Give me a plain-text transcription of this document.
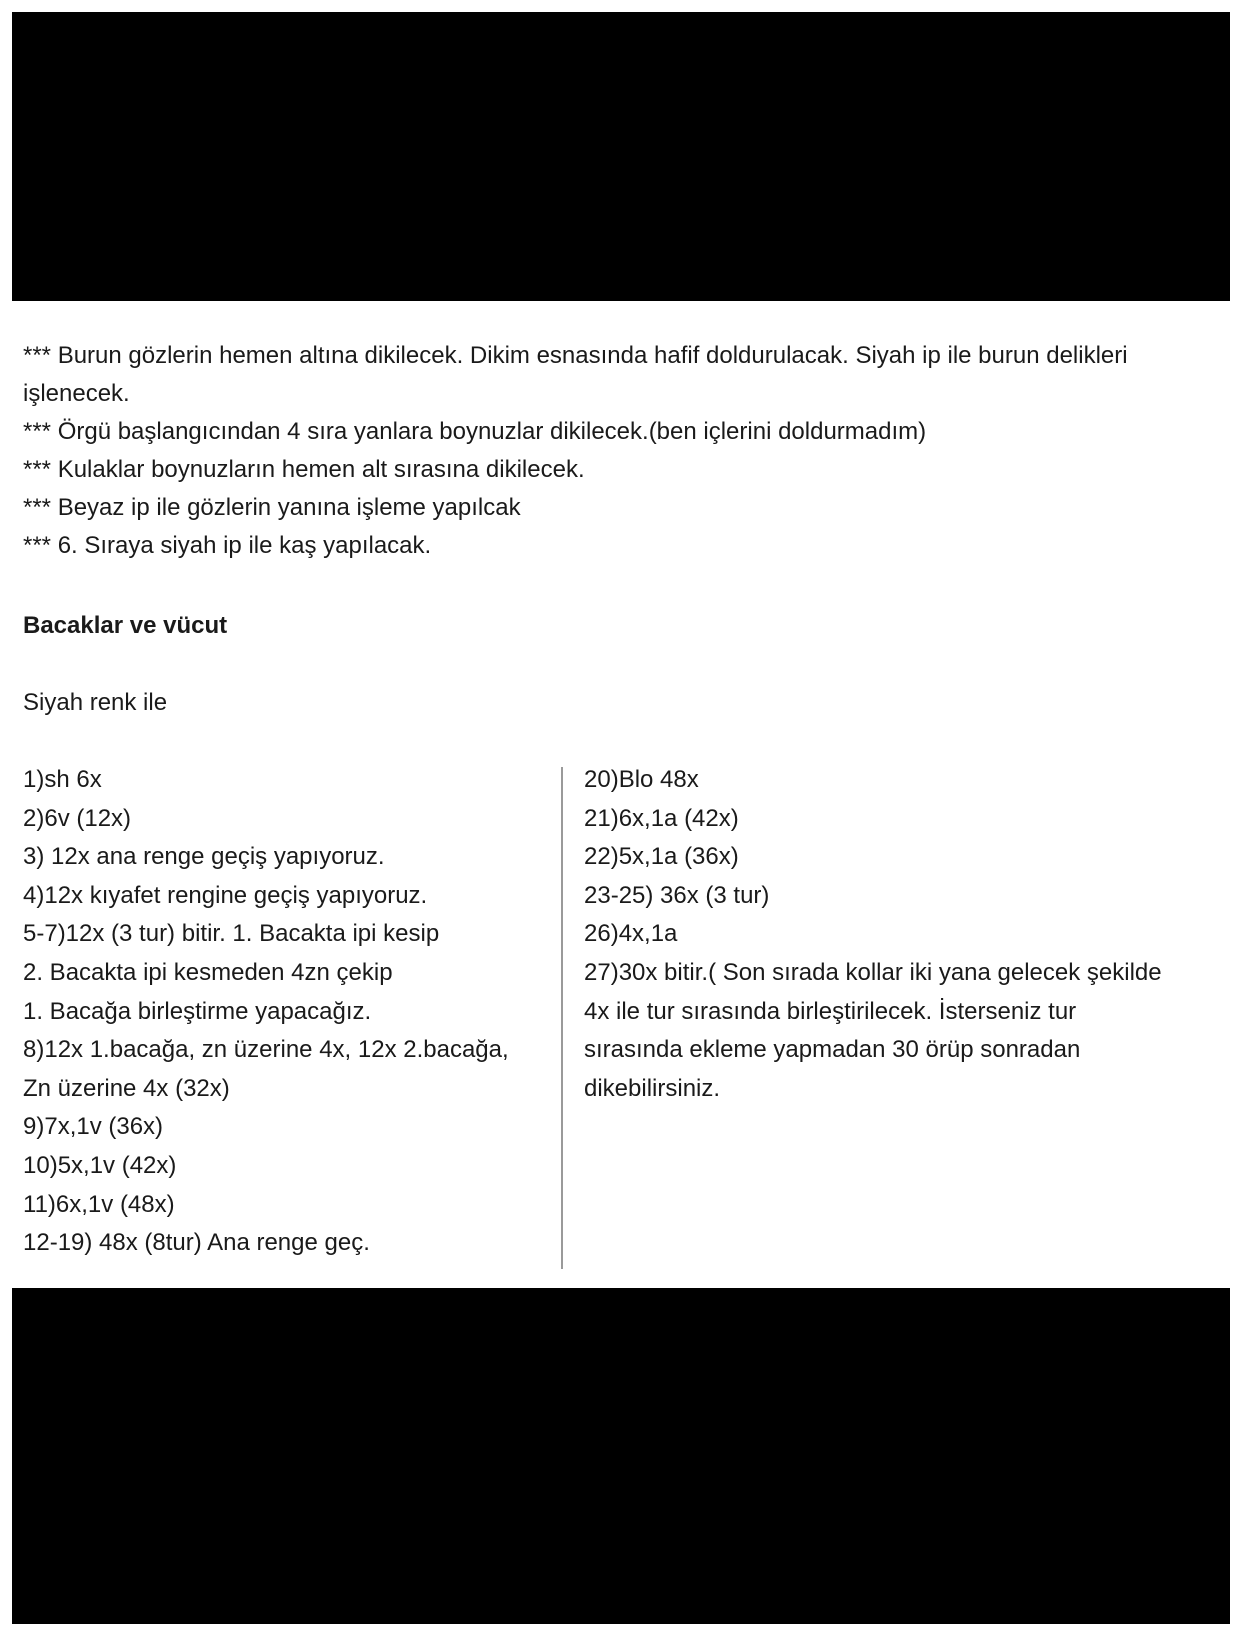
*** Burun gözlerin hemen altına dikilecek. Dikim esnasında hafif doldurulacak. Siyah ip ile burun delikleri işlenecek.

*** Örgü başlangıcından 4 sıra yanlara boynuzlar dikilecek.(ben içlerini doldurmadım)

*** Kulaklar boynuzların hemen alt sırasına dikilecek.

*** Beyaz ip ile gözlerin yanına işleme yapılcak

*** 6. Sıraya siyah ip ile kaş yapılacak.

Bacaklar ve vücut

Siyah renk ile

1)sh 6x

2)6v (12x)

3) 12x ana renge geçiş yapıyoruz.

4)12x kıyafet rengine geçiş yapıyoruz.

5-7)12x (3 tur) bitir. 1. Bacakta ipi kesip

2. Bacakta ipi kesmeden 4zn çekip

1. Bacağa birleştirme yapacağız.

8)12x 1.bacağa, zn üzerine 4x, 12x 2.bacağa,

Zn üzerine 4x (32x)

9)7x,1v (36x)

10)5x,1v (42x)

11)6x,1v (48x)

12-19) 48x (8tur) Ana renge geç.

20)Blo 48x

21)6x,1a (42x)

22)5x,1a (36x)

23-25) 36x (3 tur)

26)4x,1a

27)30x bitir.( Son sırada kollar iki yana gelecek şekilde

4x ile tur sırasında birleştirilecek. İsterseniz tur

sırasında ekleme yapmadan 30 örüp sonradan

dikebilirsiniz.
